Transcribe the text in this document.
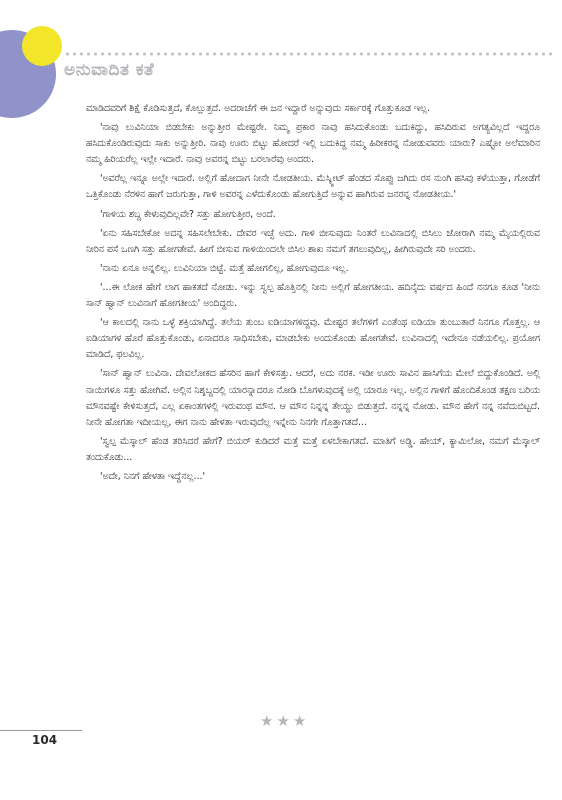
ಅನುವಾದಿತ ಕತೆ

ಮಾಡಿದವರಿಗೆ ಶಿಕ್ಷೆ ಕೊಡಿಸುತ್ತದೆ, ಕೊಲ್ಲುತ್ತದೆ. ಅದರಾಚೆಗೆ ಈ ಜನ ಇದ್ದಾರೆ ಅನ್ನುವುದು ಸರ್ಕಾರಕ್ಕೆ ಗೊತ್ತುಕೂಡ ಇಲ್ಲ.

'ನಾವು ಲುವಿನಿಯಾ ಬಿಡಬೇಕು ಅನ್ನುತ್ತೀರ ಮೇಷ್ಟರೇ. ನಿಮ್ಮ ಪ್ರಕಾರ ನಾವು ಹಸಿದುಕೊಂಡು ಬದುಕಿದ್ದು, ಹಸಿದಿರುವ ಅಗತ್ಯವಿಲ್ಲದೆ ಇದ್ದರೂ ಹಸಿದುಕೊಂಡಿರುವುದು ಸಾಕು ಅನ್ನುತ್ತೀರಿ. ನಾವು ಊರು ಬಿಟ್ಟು ಹೋದರೆ ಇಲ್ಲಿ ಬದುಕಿದ್ದ ನಮ್ಮ ಹಿರೀಕರನ್ನ ನೋಡುವವರು ಯಾರು? ಎಷ್ಟೋ ಅಲೆಮಾರಿನ ನಮ್ಮ ಹಿರಿಯರೆಲ್ಲ ಇಲ್ಲೇ ಇದಾರೆ. ನಾವು ಅವರನ್ನ ಬಿಟ್ಟು ಬರಲಾರೆವು ಅಂದರು.

'ಅವರೆಲ್ಲ ಇನ್ನೂ ಅಲ್ಲೇ ಇದಾರೆ. ಅಲ್ಲಿಗೆ ಹೋದಾಗ ನೀನೇ ನೋಡತೀಯ. ಮೆಸ್ಕ್ವೀಟ್ ಹೆಂಡದ ಸೊಪ್ಪು ಜಗಿದು ರಸ ನುಂಗಿ ಹಸಿವು ಕಳೆಯುತ್ತಾ, ಗೋಡೆಗೆ ಒತ್ತಿಕೊಂಡು ನೆರಳಿನ ಹಾಗೆ ಜರುಗುತ್ತಾ, ಗಾಳಿ ಅವರನ್ನ ಎಳೆದುಕೊಂಡು ಹೋಗುತ್ತಿದೆ ಅನ್ನುವ ಹಾಗಿರುವ ಜನರನ್ನ ನೋಡತೀಯ.'

'ಗಾಳಿಯ ಶಬ್ದ ಕೇಳುವುದಿಲ್ಲವೇ? ಸತ್ತು ಹೋಗುತ್ತೀರ, ಅಂದೆ.

'ಏನು ಸಹಿಸಬೇಕೋ ಅದನ್ನ ಸಹಿಸಲೇಬೇಕು. ದೇವರ ಇಚ್ಛೆ ಅದು. ಗಾಳಿ ಬೀಸುವುದು ನಿಂತರೆ ಲುವಿನಾದಲ್ಲಿ ಬಿಸಿಲು ಜೋರಾಗಿ ನಮ್ಮ ಮೈಯಲ್ಲಿರುವ ನೀರಿನ ಪಸೆ ಒಣಗಿ ಸತ್ತು ಹೋಗತೇವೆ. ಹೀಗೆ ಬೀಸುವ ಗಾಳಿಯಿಂದಲೇ ಬಿಸಿಲ ಶಾಖ ನಮಗೆ ತಗಲುವುದಿಲ್ಲ, ಹೀಗಿರುವುದೇ ಸರಿ ಅಂದರು.

'ನಾನು ಏನೂ ಅನ್ನಲಿಲ್ಲ. ಲುವಿನಿಯಾ ಬಿಟ್ಟೆ. ಮತ್ತೆ ಹೋಗಲಿಲ್ಲ, ಹೋಗುವುದೂ ಇಲ್ಲ.

'...ಈ ಲೋಕ ಹೇಗೆ ಲಾಗ ಹಾಕತದೆ ನೋಡು. ಇನ್ನು ಸ್ವಲ್ಪ ಹೊತ್ತಿನಲ್ಲಿ ನೀನು ಅಲ್ಲಿಗೆ ಹೋಗತೀಯ. ಹದಿನೈದು ವರ್ಷದ ಹಿಂದೆ ನನಗೂ ಕೂಡ 'ನೀನು ಸಾನ್ ಹ್ವಾನ್ ಲುವಿನಾಗೆ ಹೋಗತೀಯ' ಅಂದಿದ್ದರು.

'ಆ ಕಾಲದಲ್ಲಿ ನಾನು ಒಳ್ಳೆ ಶಕ್ತಿಯಾಗಿದ್ದೆ. ತಲೆಯ ತುಂಬ ಐಡಿಯಾಗಳಿದ್ದವು. ಮೇಷ್ಟರ ತಲೆಗಳಿಗೆ ಎಂತೆಂಥ ಐಡಿಯಾ ತುಂಬುತಾರೆ ನಿನಗೂ ಗೊತ್ತಲ್ಲ. ಆ ಐಡಿಯಾಗಳ ಹೊರೆ ಹೊತ್ತುಕೊಂಡು, ಏನಾದರೂ ಸಾಧಿಸಬೇಕು, ಮಾಡಬೇಕು ಅಂದುಕೊಂಡು ಹೋಗತೇವೆ. ಲುವಿನಾದಲ್ಲಿ ಇದೇನೂ ನಡೆಯಲಿಲ್ಲ. ಪ್ರಯೋಗ ಮಾಡಿದೆ, ಫಲವಿಲ್ಲ.

'ಸಾನ್ ಹ್ವಾನ್ ಲುವಿನಾ. ದೇವಲೋಕದ ಹೆಸರಿನ ಹಾಗೆ ಕೇಳಿಸತ್ತು. ಆದರೆ, ಅದು ನರಕ. ಇಡೀ ಊರು ಸಾವಿನ ಹಾಸಿಗೆಯ ಮೇಲೆ ಬಿದ್ದುಕೊಂಡಿದೆ. ಅಲ್ಲಿ ನಾಯಿಗಳೂ ಸತ್ತು ಹೋಗಿವೆ. ಅಲ್ಲಿನ ನಿಶ್ಶಬ್ದದಲ್ಲಿ ಯಾರನ್ನಾದರೂ ನೋಡಿ ಬೊಗಳುವುದಕ್ಕೆ ಅಲ್ಲಿ ಯಾರೂ ಇಲ್ಲ. ಅಲ್ಲಿನ ಗಾಳಿಗೆ ಹೊಂದಿಕೊಂಡ ತಕ್ಷಣ ಬರಿಯ ಮೌನವಷ್ಟೇ ಕೇಳಿಸುತ್ತದೆ, ಎಲ್ಲ ಏಕಾಂತಗಳಲ್ಲಿ ಇರುವಂಥ ಮೌನ. ಆ ಮೌನ ನಿನ್ನನ್ನ ತೇಯ್ದು ಬಿಡುತ್ತದೆ. ನನ್ನನ್ನ ನೋಡು. ಮೌನ ಹೇಗೆ ನನ್ನ ನವೆದುಬಿಟ್ಟದೆ. ನೀನೇ ಹೋಗತಾ ಇದೀಯಲ್ಲ, ಈಗ ನಾನು ಹೇಳತಾ ಇರುವುದೆಲ್ಲ ಇನ್ನೇನು ನಿನಗೇ ಗೊತ್ತಾಗತದೆ...

'ಸ್ವಲ್ಪ ಮೆಸ್ಕಾಲ್ ಹೆಂಡ ತರಿಸಿದರೆ ಹೇಗೆ? ಬಿಯರ್ ಕುಡಿದರೆ ಮತ್ತೆ ಮತ್ತೆ ಏಳಬೇಕಾಗತದೆ. ಮಾತಿಗೆ ಅಡ್ಡಿ. ಹೇಯ್, ಕ್ಯಾಮಿಲೋ, ನಮಗೆ ಮೆಸ್ಕಾಲ್ ತಂದುಕೊಡು...

'ಅದೇ, ನಿನಗೆ ಹೇಳತಾ ಇದ್ದೆನಲ್ಲ...'

★★★
104
